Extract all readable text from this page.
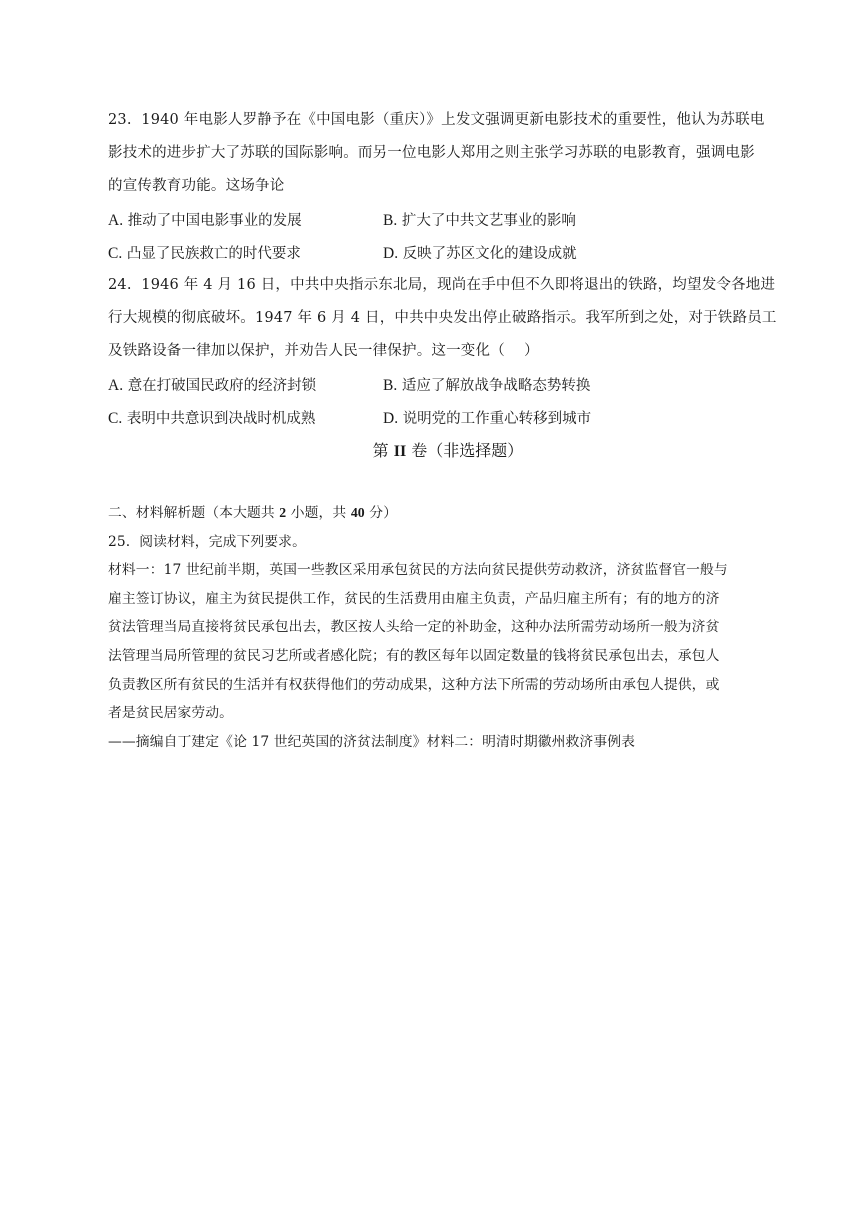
23.  1940 年电影人罗静予在《中国电影（重庆）》上发文强调更新电影技术的重要性，他认为苏联电

影技术的进步扩大了苏联的国际影响。而另一位电影人郑用之则主张学习苏联的电影教育，强调电影

的宣传教育功能。这场争论

A. 推动了中国电影事业的发展	B. 扩大了中共文艺事业的影响
C. 凸显了民族救亡的时代要求	D. 反映了苏区文化的建设成就

24.  1946 年 4 月 16 日，中共中央指示东北局，现尚在手中但不久即将退出的铁路，均望发令各地进

行大规模的彻底破坏。1947 年 6 月 4 日，中共中央发出停止破路指示。我军所到之处，对于铁路员工

及铁路设备一律加以保护，并劝告人民一律保护。这一变化（    ）

A. 意在打破国民政府的经济封锁	B. 适应了解放战争战略态势转换
C. 表明中共意识到决战时机成熟	D. 说明党的工作重心转移到城市

第 II 卷（非选择题）

二、材料解析题（本大题共 2 小题，共 40 分）

25.  阅读材料，完成下列要求。

材料一：17 世纪前半期，英国一些教区采用承包贫民的方法向贫民提供劳动救济，济贫监督官一般与

雇主签订协议，雇主为贫民提供工作，贫民的生活费用由雇主负责，产品归雇主所有；有的地方的济

贫法管理当局直接将贫民承包出去，教区按人头给一定的补助金，这种办法所需劳动场所一般为济贫

法管理当局所管理的贫民习艺所或者感化院；有的教区每年以固定数量的钱将贫民承包出去，承包人

负责教区所有贫民的生活并有权获得他们的劳动成果，这种方法下所需的劳动场所由承包人提供，或

者是贫民居家劳动。

——摘编自丁建定《论 17 世纪英国的济贫法制度》材料二：明清时期徽州救济事例表
